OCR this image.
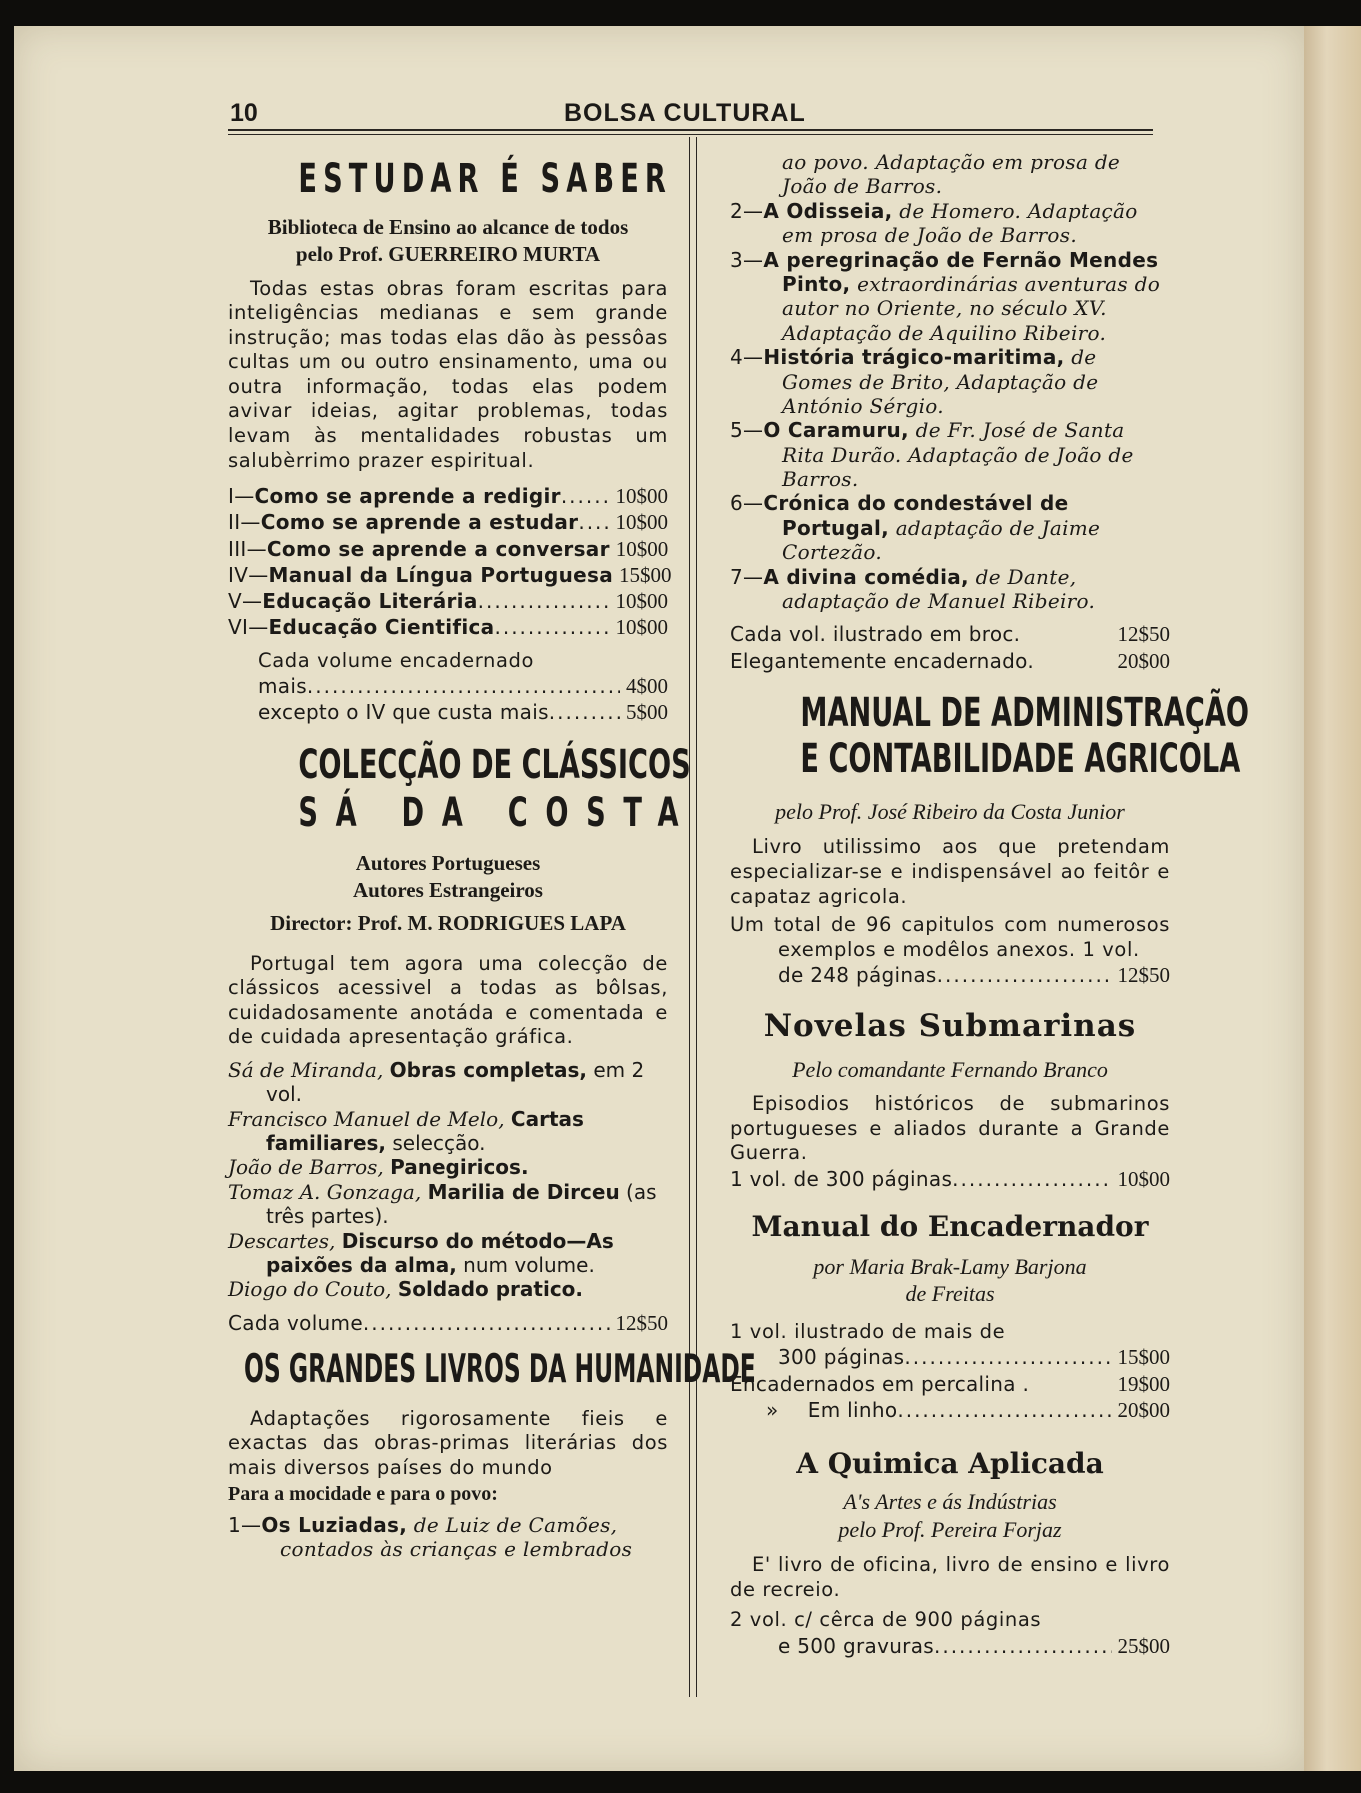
10	BOLSA CULTURAL
ESTUDAR É SABER
Biblioteca de Ensino ao alcance de todos
pelo Prof. GUERREIRO MURTA
Todas estas obras foram escritas para inteligências medianas e sem grande instrução; mas todas elas dão às pessôas cultas um ou outro ensinamento, uma ou outra informação, todas elas podem avivar ideias, agitar problemas, todas levam às mentalidades robustas um salubèrrimo prazer espiritual.
I—Como se aprende a redigir .....	10$00
II—Como se aprende a estudar ..... 10$00
III—Como se aprende a conversar 10$00
IV—Manual da Língua Portuguesa 15$00
V—Educação Literária .....	10$00
VI—Educação Cientifica .....	10$00
Cada volume encadernado
mais .....	4$00
excepto o IV que custa mais .....	5$00
COLECÇÃO DE CLÁSSICOS
SÁ DA COSTA
Autores Portugueses
Autores Estrangeiros
Director: Prof. M. RODRIGUES LAPA
Portugal tem agora uma colecção de clássicos acessivel a todas as bôlsas, cuidadosamente anotáda e comentada e de cuidada apresentação gráfica.
Sá de Miranda, Obras completas, em 2 vol.
Francisco Manuel de Melo, Cartas familiares, selecção.
João de Barros, Panegiricos.
Tomaz A. Gonzaga, Marilia de Dirceu (as três partes).
Descartes, Discurso do método—As paixões da alma, num volume.
Diogo do Couto, Soldado pratico.
Cada volume .....	12$50
OS GRANDES LIVROS DA HUMANIDADE
Adaptações rigorosamente fieis e exactas das obras-primas literárias dos mais diversos países do mundo
Para a mocidade e para o povo:
1—Os Luziadas, de Luiz de Camões, contados às crianças e lembrados
ao povo. Adaptação em prosa de João de Barros.
2—A Odisseia, de Homero. Adaptação em prosa de João de Barros.
3—A peregrinação de Fernão Mendes Pinto, extraordinárias aventuras do autor no Oriente, no século XV. Adaptação de Aquilino Ribeiro.
4—História trágico-maritima, de Gomes de Brito, Adaptação de António Sérgio.
5—O Caramuru, de Fr. José de Santa Rita Durão. Adaptação de João de Barros.
6—Crónica do condestável de Portugal, adaptação de Jaime Cortezão.
7—A divina comédia, de Dante, adaptação de Manuel Ribeiro.
Cada vol. ilustrado em broc.	12$50
Elegantemente encadernado.	20$00
MANUAL DE ADMINISTRAÇÃO
E CONTABILIDADE AGRICOLA
pelo Prof. José Ribeiro da Costa Junior
Livro utilissimo aos que pretendam especializar-se e indispensável ao feitôr e capataz agricola.
Um total de 96 capitulos com numerosos exemplos e modêlos anexos. 1 vol.
de 248 páginas .....	12$50
Novelas Submarinas
Pelo comandante Fernando Branco
Episodios históricos de submarinos portugueses e aliados durante a Grande Guerra.
1 vol. de 300 páginas .....	10$00
Manual do Encadernador
por Maria Brak-Lamy Barjona
de Freitas
1 vol. ilustrado de mais de
300 páginas .....	15$00
Encadernados em percalina .	19$00
»	Em linho .....	20$00
A Quimica Aplicada
A's Artes e ás Indústrias
pelo Prof. Pereira Forjaz
E' livro de oficina, livro de ensino e livro de recreio.
2 vol. c/ cêrca de 900 páginas
e 500 gravuras .....	25$00
